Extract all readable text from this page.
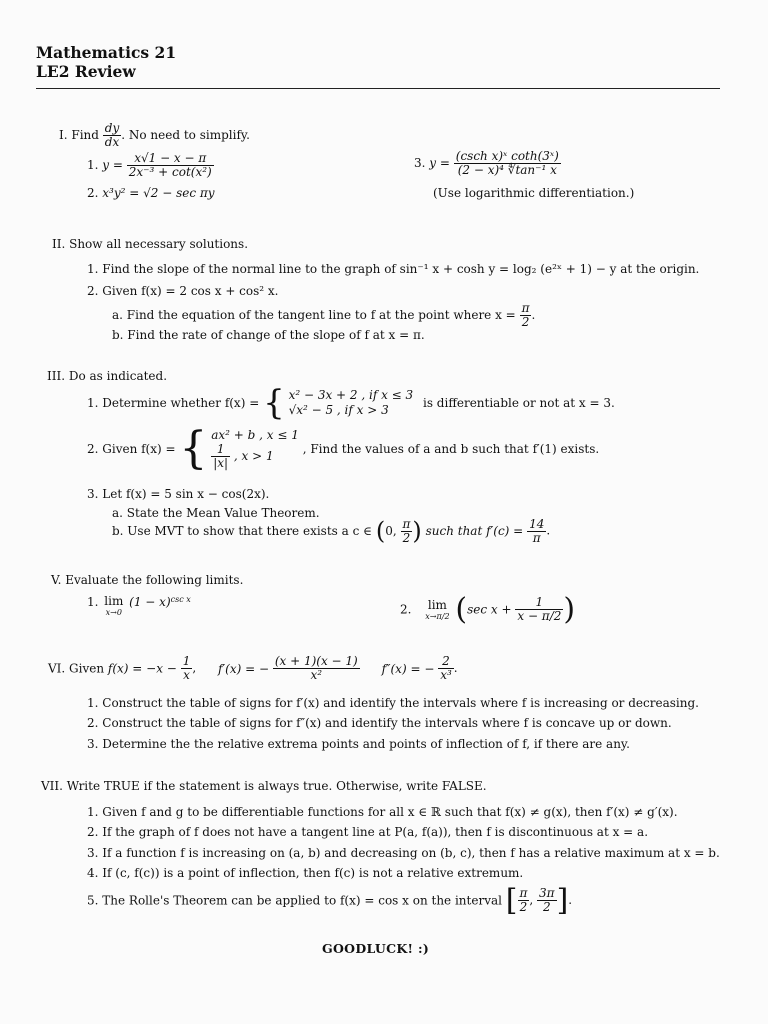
Mathematics 21
LE2 Review
I. Find $\frac{dy}{dx}$ . No need to simplify.
1. $y = \frac{x√1 - x - \pi}{\text{2x⁻³ + cot(x²)}}$
2. x³y² = √2 − sec πy
3. $y = \frac{\text{(csch x)ˣ coth(3ˣ)}}{\text{(2 − x)⁴ ∜tan⁻¹ x}}$
(Use logarithmic differentiation.)
II. Show all necessary solutions.
1. Find the slope of the normal line to the graph of sin⁻¹ x + cosh y = log₂ (e²ˣ + 1) − y at the origin.
2. Given f(x) = 2 cos x + cos² x.
a. Find the equation of the tangent line to f at the point where $x = \frac{\pi}{2}$ .
b. Find the rate of change of the slope of f at x = π.
III. Do as indicated.
1. Determine whether f(x) = { x² − 3x + 2 , if x ≤ 3
√x² − 5 , if x > 3	is differentiable or not at x = 3.
2. Given f(x) = { ax² + b , x ≤ 1
$\frac{1}{|x|}$ , x > 1	, Find the values of a and b such that f′(1) exists.
3. Let f(x) = 5 sin x − cos(2x).
a. State the Mean Value Theorem.
b. Use MVT to show that there exists a c ∈ (0, $\frac{\pi}{2}$ ) such that $f'(c) = \frac{14}{\pi}$ .
V. Evaluate the following limits.
1. lim
x→0
$(1 - x)^{csc x}$
2.	lim
x→π/2 (sec $x + \frac{1}{x - \pi/2}$ )
VI. Given $f(x) = -x - \frac{1}{x}$ , f′(x) = − $\frac{(x + 1)(x - 1)}{\text{x²}} f''(x)$ = − $\frac{2}{\text{x³}}$ .
1. Construct the table of signs for f′(x) and identify the intervals where f is increasing or decreasing.
2. Construct the table of signs for f″(x) and identify the intervals where f is concave up or down.
3. Determine the the relative extrema points and points of inflection of f, if there are any.
VII. Write TRUE if the statement is always true. Otherwise, write FALSE.
1. Given f and g to be differentiable functions for all x ∈ ℝ such that f(x) ≠ g(x), then f′(x) ≠ g′(x).
2. If the graph of f does not have a tangent line at P(a, f(a)), then f is discontinuous at x = a.
3. If a function f is increasing on (a, b) and decreasing on (b, c), then f has a relative maximum at x = b.
4. If (c, f(c)) is a point of inflection, then f(c) is not a relative extremum.
5. The Rolle's Theorem can be applied to f(x) = cos x on the interval [ $\frac{\pi}{2}$ , $\frac{3\pi}{2}$ ].
GOODLUCK! :)
